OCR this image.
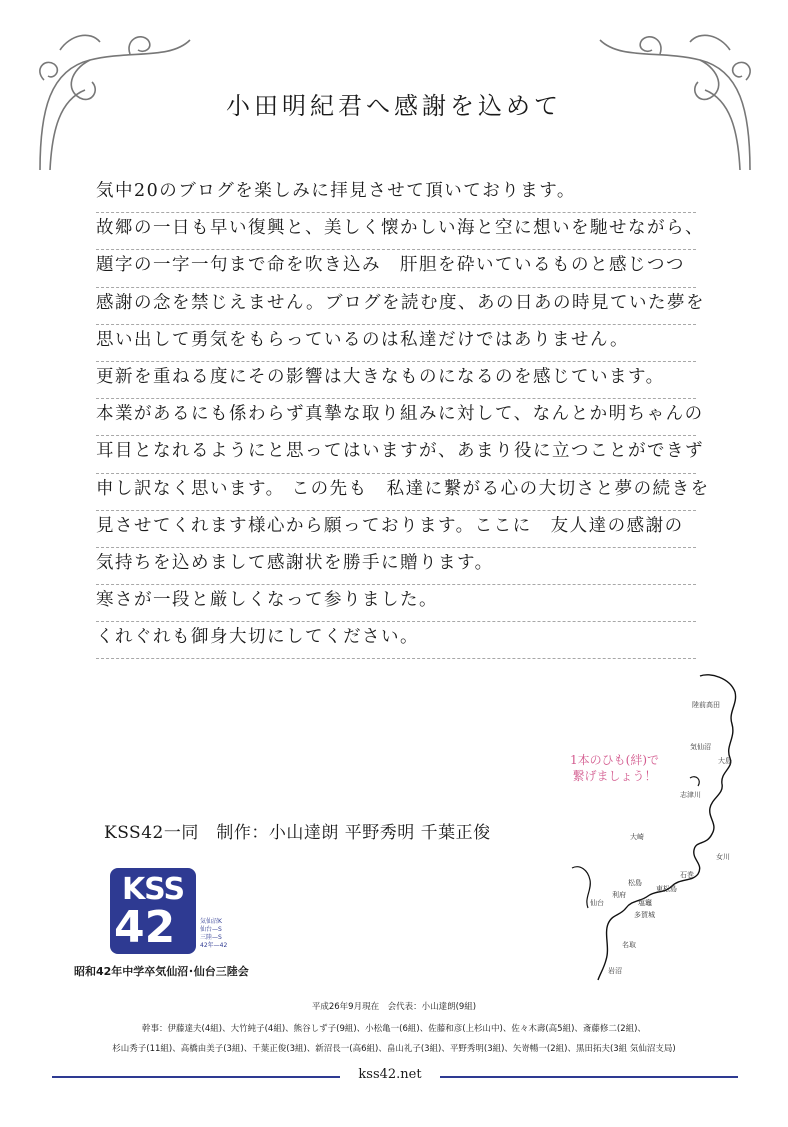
小田明紀君へ感謝を込めて
気中20のブログを楽しみに拝見させて頂いております。
故郷の一日も早い復興と、美しく懐かしい海と空に想いを馳せながら、
題字の一字一句まで命を吹き込み　肝胆を砕いているものと感じつつ
感謝の念を禁じえません。ブログを読む度、あの日あの時見ていた夢を
思い出して勇気をもらっているのは私達だけではありません。
更新を重ねる度にその影響は大きなものになるのを感じています。
本業があるにも係わらず真摯な取り組みに対して、なんとか明ちゃんの
耳目となれるようにと思ってはいますが、あまり役に立つことができず
申し訳なく思います。 この先も　私達に繋がる心の大切さと夢の続きを
見させてくれます様心から願っております。ここに　友人達の感謝の
気持ちを込めまして感謝状を勝手に贈ります。
寒さが一段と厳しくなって参りました。
くれぐれも御身大切にしてください。
KSS42一同　制作：小山達朗 平野秀明 千葉正俊
KSS
42	気仙沼K
仙台—S
三陸—S
42年—42
昭和42年中学卒気仙沼･仙台三陸会
陸前高田
気仙沼
大島
志津川
大崎
女川
石巻
東松島
松島
塩竈
利府
多賀城
仙台
名取
岩沼
1本のひも(絆)で
繋げましょう！
平成26年9月現在　会代表：小山達朗(9組)
幹事：伊藤達夫(4組)、大竹純子(4組)、熊谷しず子(9組)、小松亀一(6組)、佐藤和彦(上杉山中)、佐々木壽(高5組)、斎藤修二(2組)、
杉山秀子(11組)、高橋由美子(3組)、千葉正俊(3組)、新沼長一(高6組)、畠山礼子(3組)、平野秀明(3組)、矢嵜暢一(2組)、黒田拓夫(3組 気仙沼支局)
kss42.net
